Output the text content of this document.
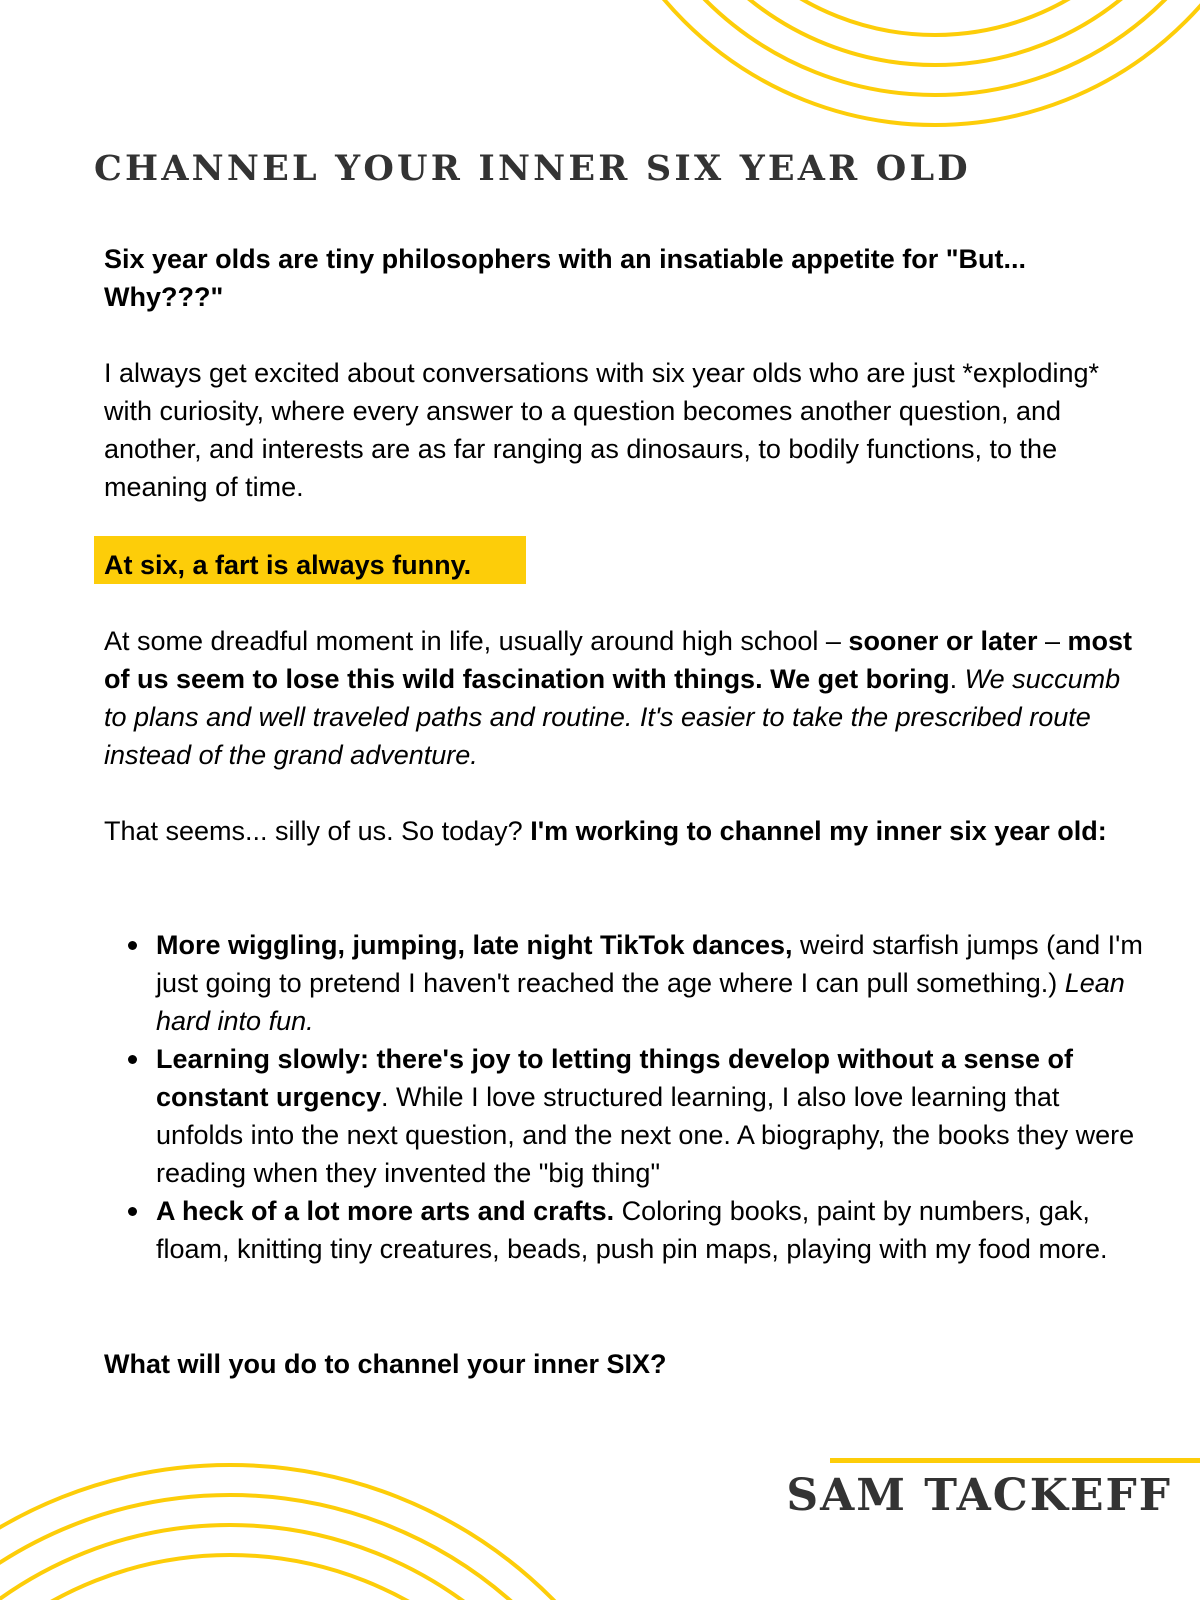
CHANNEL YOUR INNER SIX YEAR OLD

Six year olds are tiny philosophers with an insatiable appetite for "But... Why???"

I always get excited about conversations with six year olds who are just *exploding* with curiosity, where every answer to a question becomes another question, and another, and interests are as far ranging as dinosaurs, to bodily functions, to the meaning of time.

At six, a fart is always funny.

At some dreadful moment in life, usually around high school – sooner or later – most of us seem to lose this wild fascination with things. We get boring. We succumb to plans and well traveled paths and routine. It's easier to take the prescribed route instead of the grand adventure.

That seems... silly of us. So today? I'm working to channel my inner six year old:

More wiggling, jumping, late night TikTok dances, weird starfish jumps (and I'm just going to pretend I haven't reached the age where I can pull something.) Lean hard into fun.
Learning slowly: there's joy to letting things develop without a sense of constant urgency. While I love structured learning, I also love learning that unfolds into the next question, and the next one. A biography, the books they were reading when they invented the "big thing"
A heck of a lot more arts and crafts. Coloring books, paint by numbers, gak, floam, knitting tiny creatures, beads, push pin maps, playing with my food more.
What will you do to channel your inner SIX?
SAM TACKEFF
